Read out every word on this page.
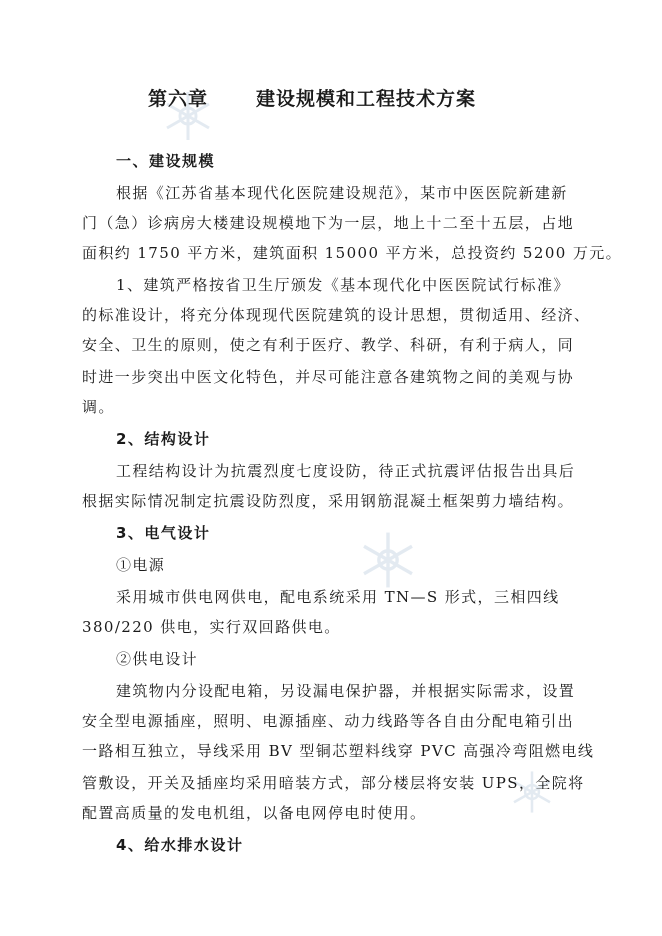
第六章	建设规模和工程技术方案
一、建设规模
根据《江苏省基本现代化医院建设规范》，某市中医医院新建新
门（急）诊病房大楼建设规模地下为一层，地上十二至十五层，占地
面积约 1750 平方米，建筑面积 15000 平方米，总投资约 5200 万元。
1、建筑严格按省卫生厅颁发《基本现代化中医医院试行标准》
的标准设计，将充分体现现代医院建筑的设计思想，贯彻适用、经济、
安全、卫生的原则，使之有利于医疗、教学、科研，有利于病人，同
时进一步突出中医文化特色，并尽可能注意各建筑物之间的美观与协
调。
2、结构设计
工程结构设计为抗震烈度七度设防，待正式抗震评估报告出具后
根据实际情况制定抗震设防烈度，采用钢筋混凝土框架剪力墙结构。
3、电气设计
①电源
采用城市供电网供电，配电系统采用 TN—S 形式，三相四线
380/220 供电，实行双回路供电。
②供电设计
建筑物内分设配电箱，另设漏电保护器，并根据实际需求，设置
安全型电源插座，照明、电源插座、动力线路等各自由分配电箱引出
一路相互独立，导线采用 BV 型铜芯塑料线穿 PVC 高强冷弯阻燃电线
管敷设，开关及插座均采用暗装方式，部分楼层将安装 UPS，全院将
配置高质量的发电机组，以备电网停电时使用。
4、给水排水设计
